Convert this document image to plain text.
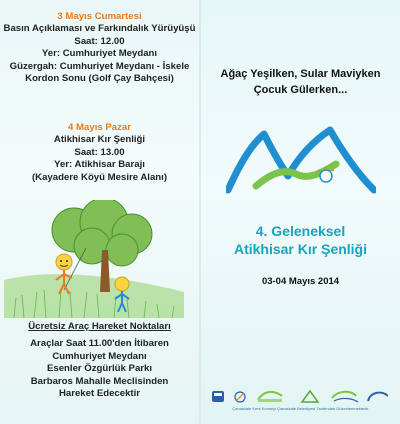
3 Mayıs Cumartesi
Basın Açıklaması ve Farkındalık Yürüyüşü
Saat: 12.00
Yer: Cumhuriyet Meydanı
Güzergah: Cumhuriyet Meydanı - İskele
Kordon Sonu (Golf Çay Bahçesi)
4 Mayıs Pazar
Atikhisar Kır Şenliği
Saat: 13.00
Yer: Atikhisar Barajı
(Kayadere Köyü Mesire Alanı)
Ücretsiz Araç Hareket Noktaları
Araçlar Saat 11.00'den İtibaren
Cumhuriyet Meydanı
Esenler Özgürlük Parkı
Barbaros Mahalle Meclisinden
Hareket Edecektir
Ağaç Yeşilken, Sular Maviyken
Çocuk Gülerken...
4. Geleneksel
Atikhisar Kır Şenliği
03-04 Mayıs 2014
Çanakkale Kent Konseyi Çanakkale Belediyesi Tarafından Düzenlenmektedir
